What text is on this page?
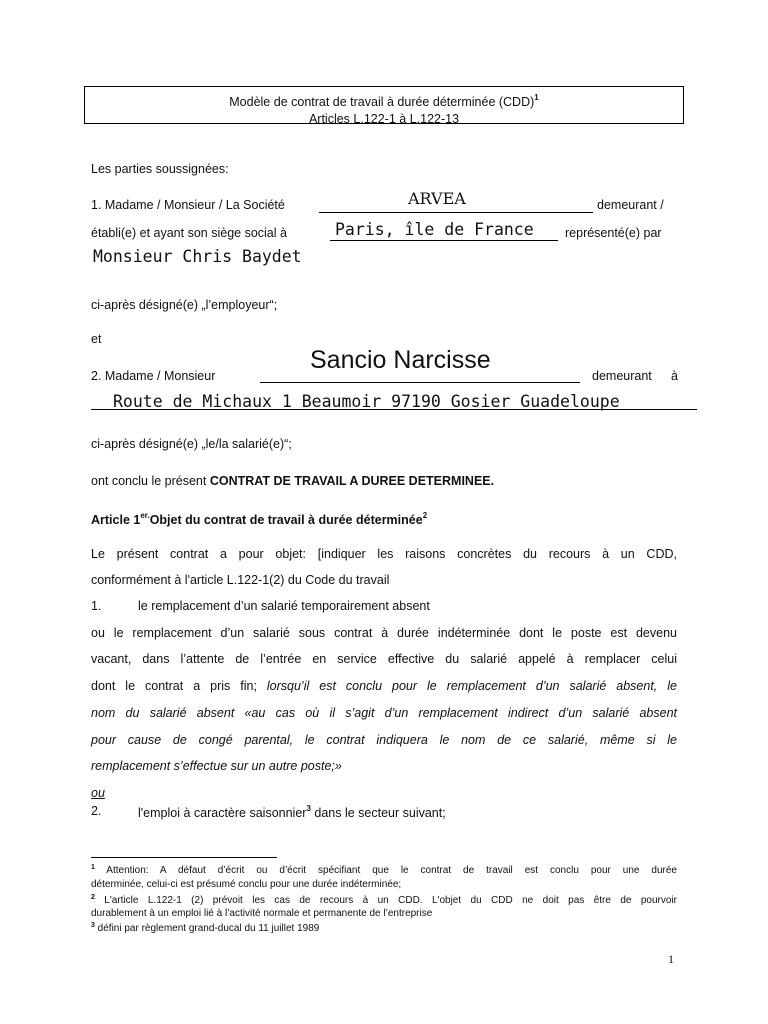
Modèle de contrat de travail à durée déterminée (CDD)$^1$
Articles L.122-1 à L.122-13
Les parties soussignées:
1. Madame / Monsieur / La Société	ARVEA	demeurant /
établi(e) et ayant son siège social à	Paris, île de France	représenté(e) par
Monsieur Chris Baydet
ci-après désigné(e) „l’employeur“;
et
2. Madame / Monsieur
Sancio Narcisse
demeurant à
Route de Michaux 1 Beaumoir 97190 Gosier Guadeloupe
ci-après désigné(e) „le/la salarié(e)“;
ont conclu le présent CONTRAT DE TRAVAIL A DUREE DETERMINEE.
Article 1$^{er.}$Objet du contrat de travail à durée déterminée$^2$
Le présent contrat a pour objet: [indiquer les raisons concrètes du recours à un CDD,
conformément à l'article L.122-1(2) du Code du travail
1.	le remplacement d’un salarié temporairement absent
ou le remplacement d’un salarié sous contrat à durée indéterminée dont le poste est devenu
vacant, dans l’attente de l’entrée en service effective du salarié appelé à remplacer celui
dont le contrat a pris fin; lorsqu’il est conclu pour le remplacement d’un salarié absent, le
nom du salarié absent «au cas où il s’agit d’un remplacement indirect d’un salarié absent
pour cause de congé parental, le contrat indiquera le nom de ce salarié, même si le
remplacement s’effectue sur un autre poste;»
ou
2.	l'emploi à caractère saisonnier$^3$ dans le secteur suivant;
$^1$ Attention: A défaut d’écrit ou d’écrit spécifiant que le contrat de travail est conclu pour une durée
déterminée, celui-ci est présumé conclu pour une durée indéterminée;
$^2$ L'article L.122-1 (2) prévoit les cas de recours à un CDD. L'objet du CDD ne doit pas être de pourvoir
durablement à un emploi lié à l’activité normale et permanente de l’entreprise
$^3$ défini par règlement grand-ducal du 11 juillet 1989
1
